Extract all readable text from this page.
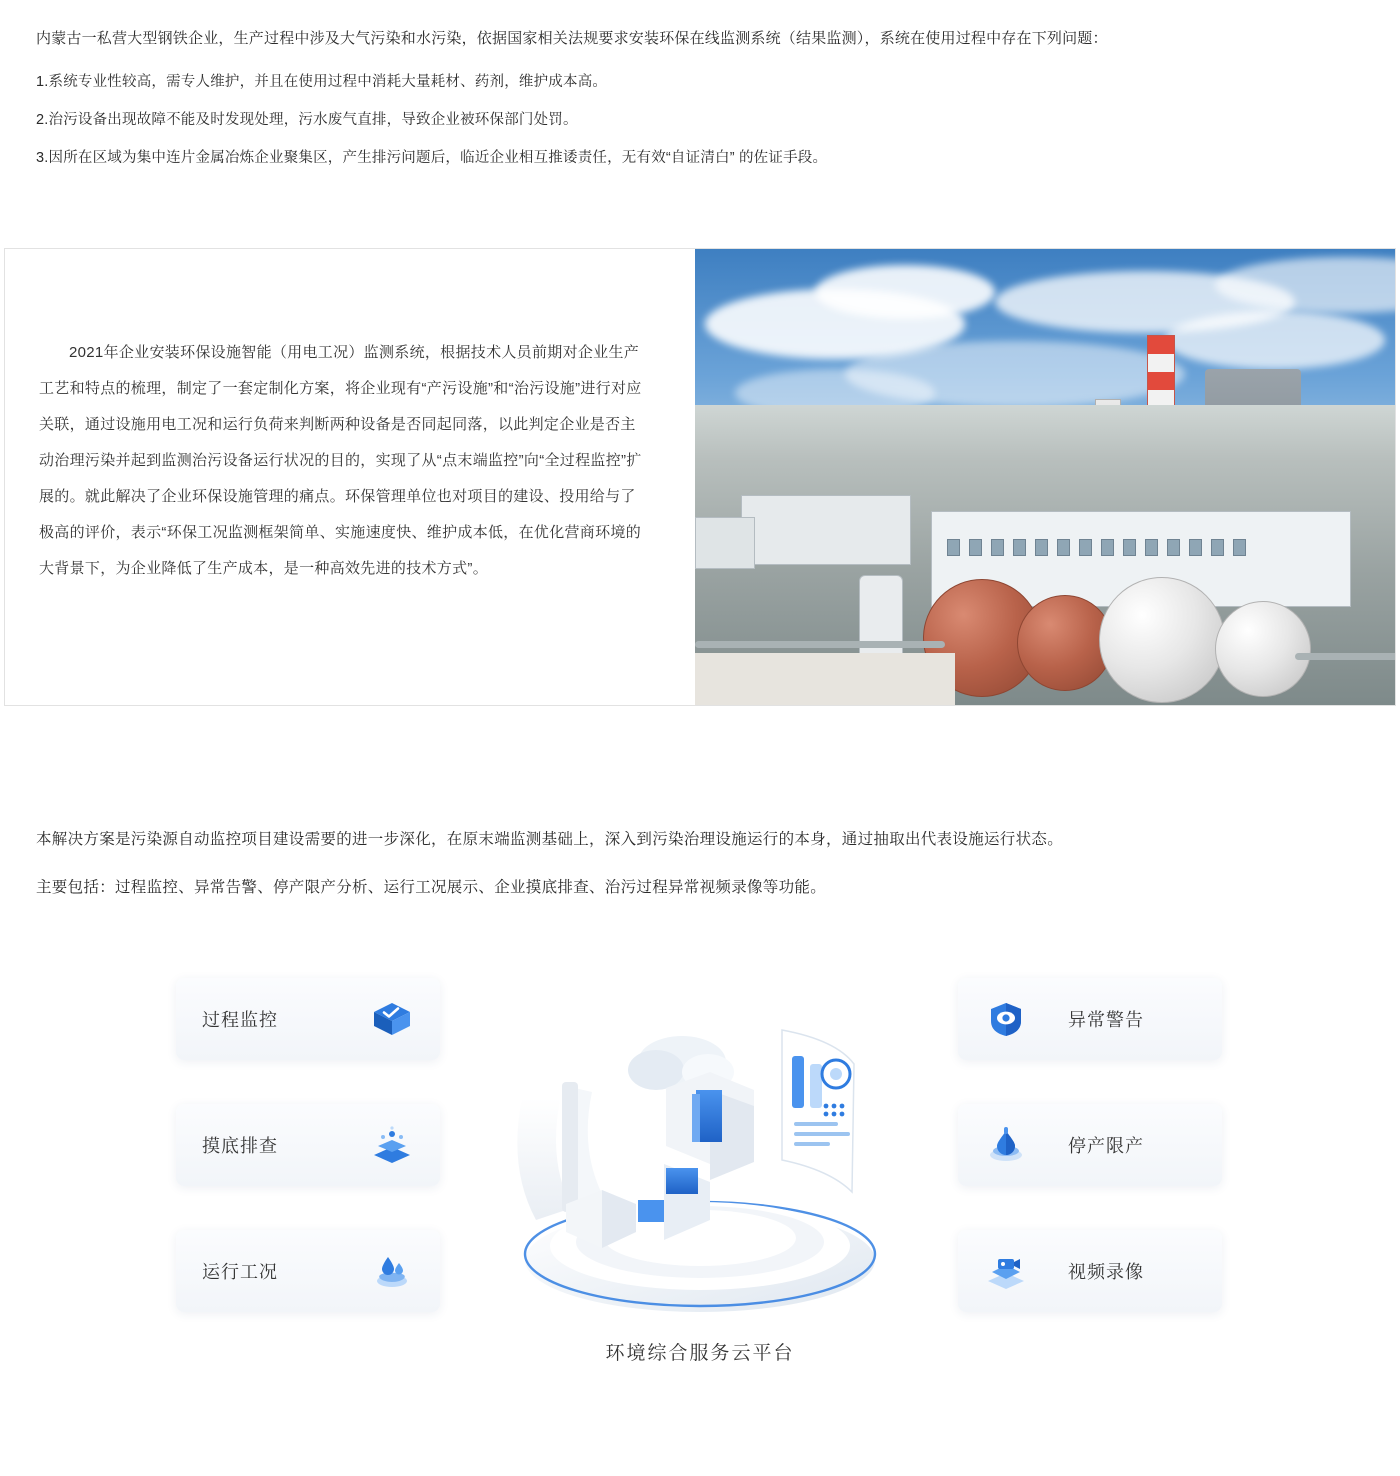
内蒙古一私营大型钢铁企业，生产过程中涉及大气污染和水污染，依据国家相关法规要求安装环保在线监测系统（结果监测），系统在使用过程中存在下列问题：

1.系统专业性较高，需专人维护，并且在使用过程中消耗大量耗材、药剂，维护成本高。

2.治污设备出现故障不能及时发现处理，污水废气直排，导致企业被环保部门处罚。

3.因所在区域为集中连片金属冶炼企业聚集区，产生排污问题后，临近企业相互推诿责任，无有效“自证清白” 的佐证手段。

2021年企业安装环保设施智能（用电工况）监测系统，根据技术人员前期对企业生产工艺和特点的梳理，制定了一套定制化方案，将企业现有“产污设施”和“治污设施”进行对应关联，通过设施用电工况和运行负荷来判断两种设备是否同起同落，以此判定企业是否主动治理污染并起到监测治污设备运行状况的目的，实现了从“点末端监控”向“全过程监控”扩展的。就此解决了企业环保设施管理的痛点。环保管理单位也对项目的建设、投用给与了极高的评价，表示“环保工况监测框架简单、实施速度快、维护成本低，在优化营商环境的大背景下，为企业降低了生产成本，是一种高效先进的技术方式”。

本解决方案是污染源自动监控项目建设需要的进一步深化，在原末端监测基础上，深入到污染治理设施运行的本身，通过抽取出代表设施运行状态。

主要包括：过程监控、异常告警、停产限产分析、运行工况展示、企业摸底排查、治污过程异常视频录像等功能。

过程监控
摸底排查
运行工况
环境综合服务云平台
异常警告
停产限产
视频录像
